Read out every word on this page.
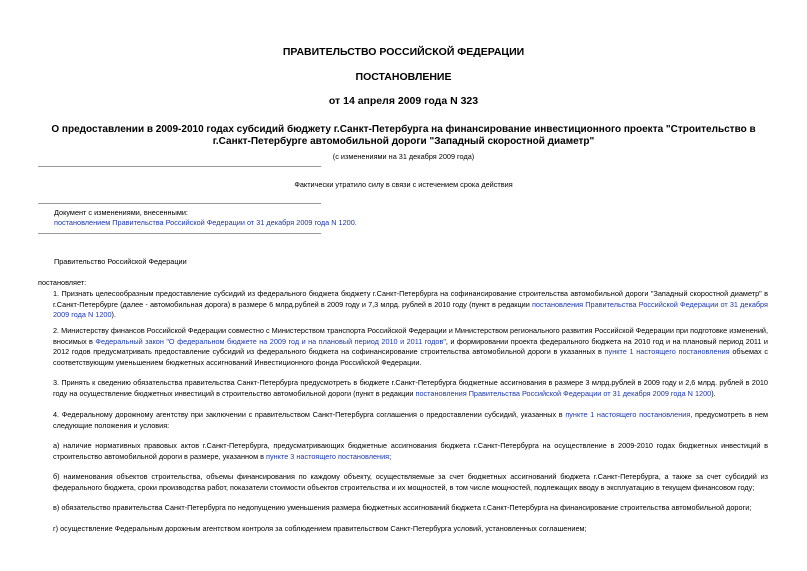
ПРАВИТЕЛЬСТВО РОССИЙСКОЙ ФЕДЕРАЦИИ
ПОСТАНОВЛЕНИЕ
от 14 апреля 2009 года N 323
О предоставлении в 2009-2010 годах субсидий бюджету г.Санкт-Петербурга на финансирование инвестиционного проекта "Строительство в г.Санкт-Петербурге автомобильной дороги "Западный скоростной диаметр"
(с изменениями на 31 декабря 2009 года)
Фактически утратило силу в связи с истечением срока действия
Документ с изменениями, внесенными:
постановлением Правительства Российской Федерации от 31 декабря 2009 года N 1200.
Правительство Российской Федерации
постановляет:
1. Признать целесообразным предоставление субсидий из федерального бюджета бюджету г.Санкт-Петербурга на софинансирование строительства автомобильной дороги "Западный скоростной диаметр" в г.Санкт-Петербурге (далее - автомобильная дорога) в размере 6 млрд.рублей в 2009 году и 7,3 млрд. рублей в 2010 году (пункт в редакции постановления Правительства Российской Федерации от 31 декабря 2009 года N 1200).
2. Министерству финансов Российской Федерации совместно с Министерством транспорта Российской Федерации и Министерством регионального развития Российской Федерации при подготовке изменений, вносимых в Федеральный закон "О федеральном бюджете на 2009 год и на плановый период 2010 и 2011 годов", и формировании проекта федерального бюджета на 2010 год и на плановый период 2011 и 2012 годов предусматривать предоставление субсидий из федерального бюджета на софинансирование строительства автомобильной дороги в указанных в пункте 1 настоящего постановления объемах с соответствующим уменьшением бюджетных ассигнований Инвестиционного фонда Российской Федерации.
3. Принять к сведению обязательства правительства Санкт-Петербурга предусмотреть в бюджете г.Санкт-Петербурга бюджетные ассигнования в размере 3 млрд.рублей в 2009 году и 2,6 млрд. рублей в 2010 году на осуществление бюджетных инвестиций в строительство автомобильной дороги (пункт в редакции постановления Правительства Российской Федерации от 31 декабря 2009 года N 1200).
4. Федеральному дорожному агентству при заключении с правительством Санкт-Петербурга соглашения о предоставлении субсидий, указанных в пункте 1 настоящего постановления, предусмотреть в нем следующие положения и условия:
а) наличие нормативных правовых актов г.Санкт-Петербурга, предусматривающих бюджетные ассигнования бюджета г.Санкт-Петербурга на осуществление в 2009-2010 годах бюджетных инвестиций в строительство автомобильной дороги в размере, указанном в пункте 3 настоящего постановления;
б) наименования объектов строительства, объемы финансирования по каждому объекту, осуществляемые за счет бюджетных ассигнований бюджета г.Санкт-Петербурга, а также за счет субсидий из федерального бюджета, сроки производства работ, показатели стоимости объектов строительства и их мощностей, в том числе мощностей, подлежащих вводу в эксплуатацию в текущем финансовом году;
в) обязательство правительства Санкт-Петербурга по недопущению уменьшения размера бюджетных ассигнований бюджета г.Санкт-Петербурга на финансирование строительства автомобильной дороги;
г) осуществление Федеральным дорожным агентством контроля за соблюдением правительством Санкт-Петербурга условий, установленных соглашением;
